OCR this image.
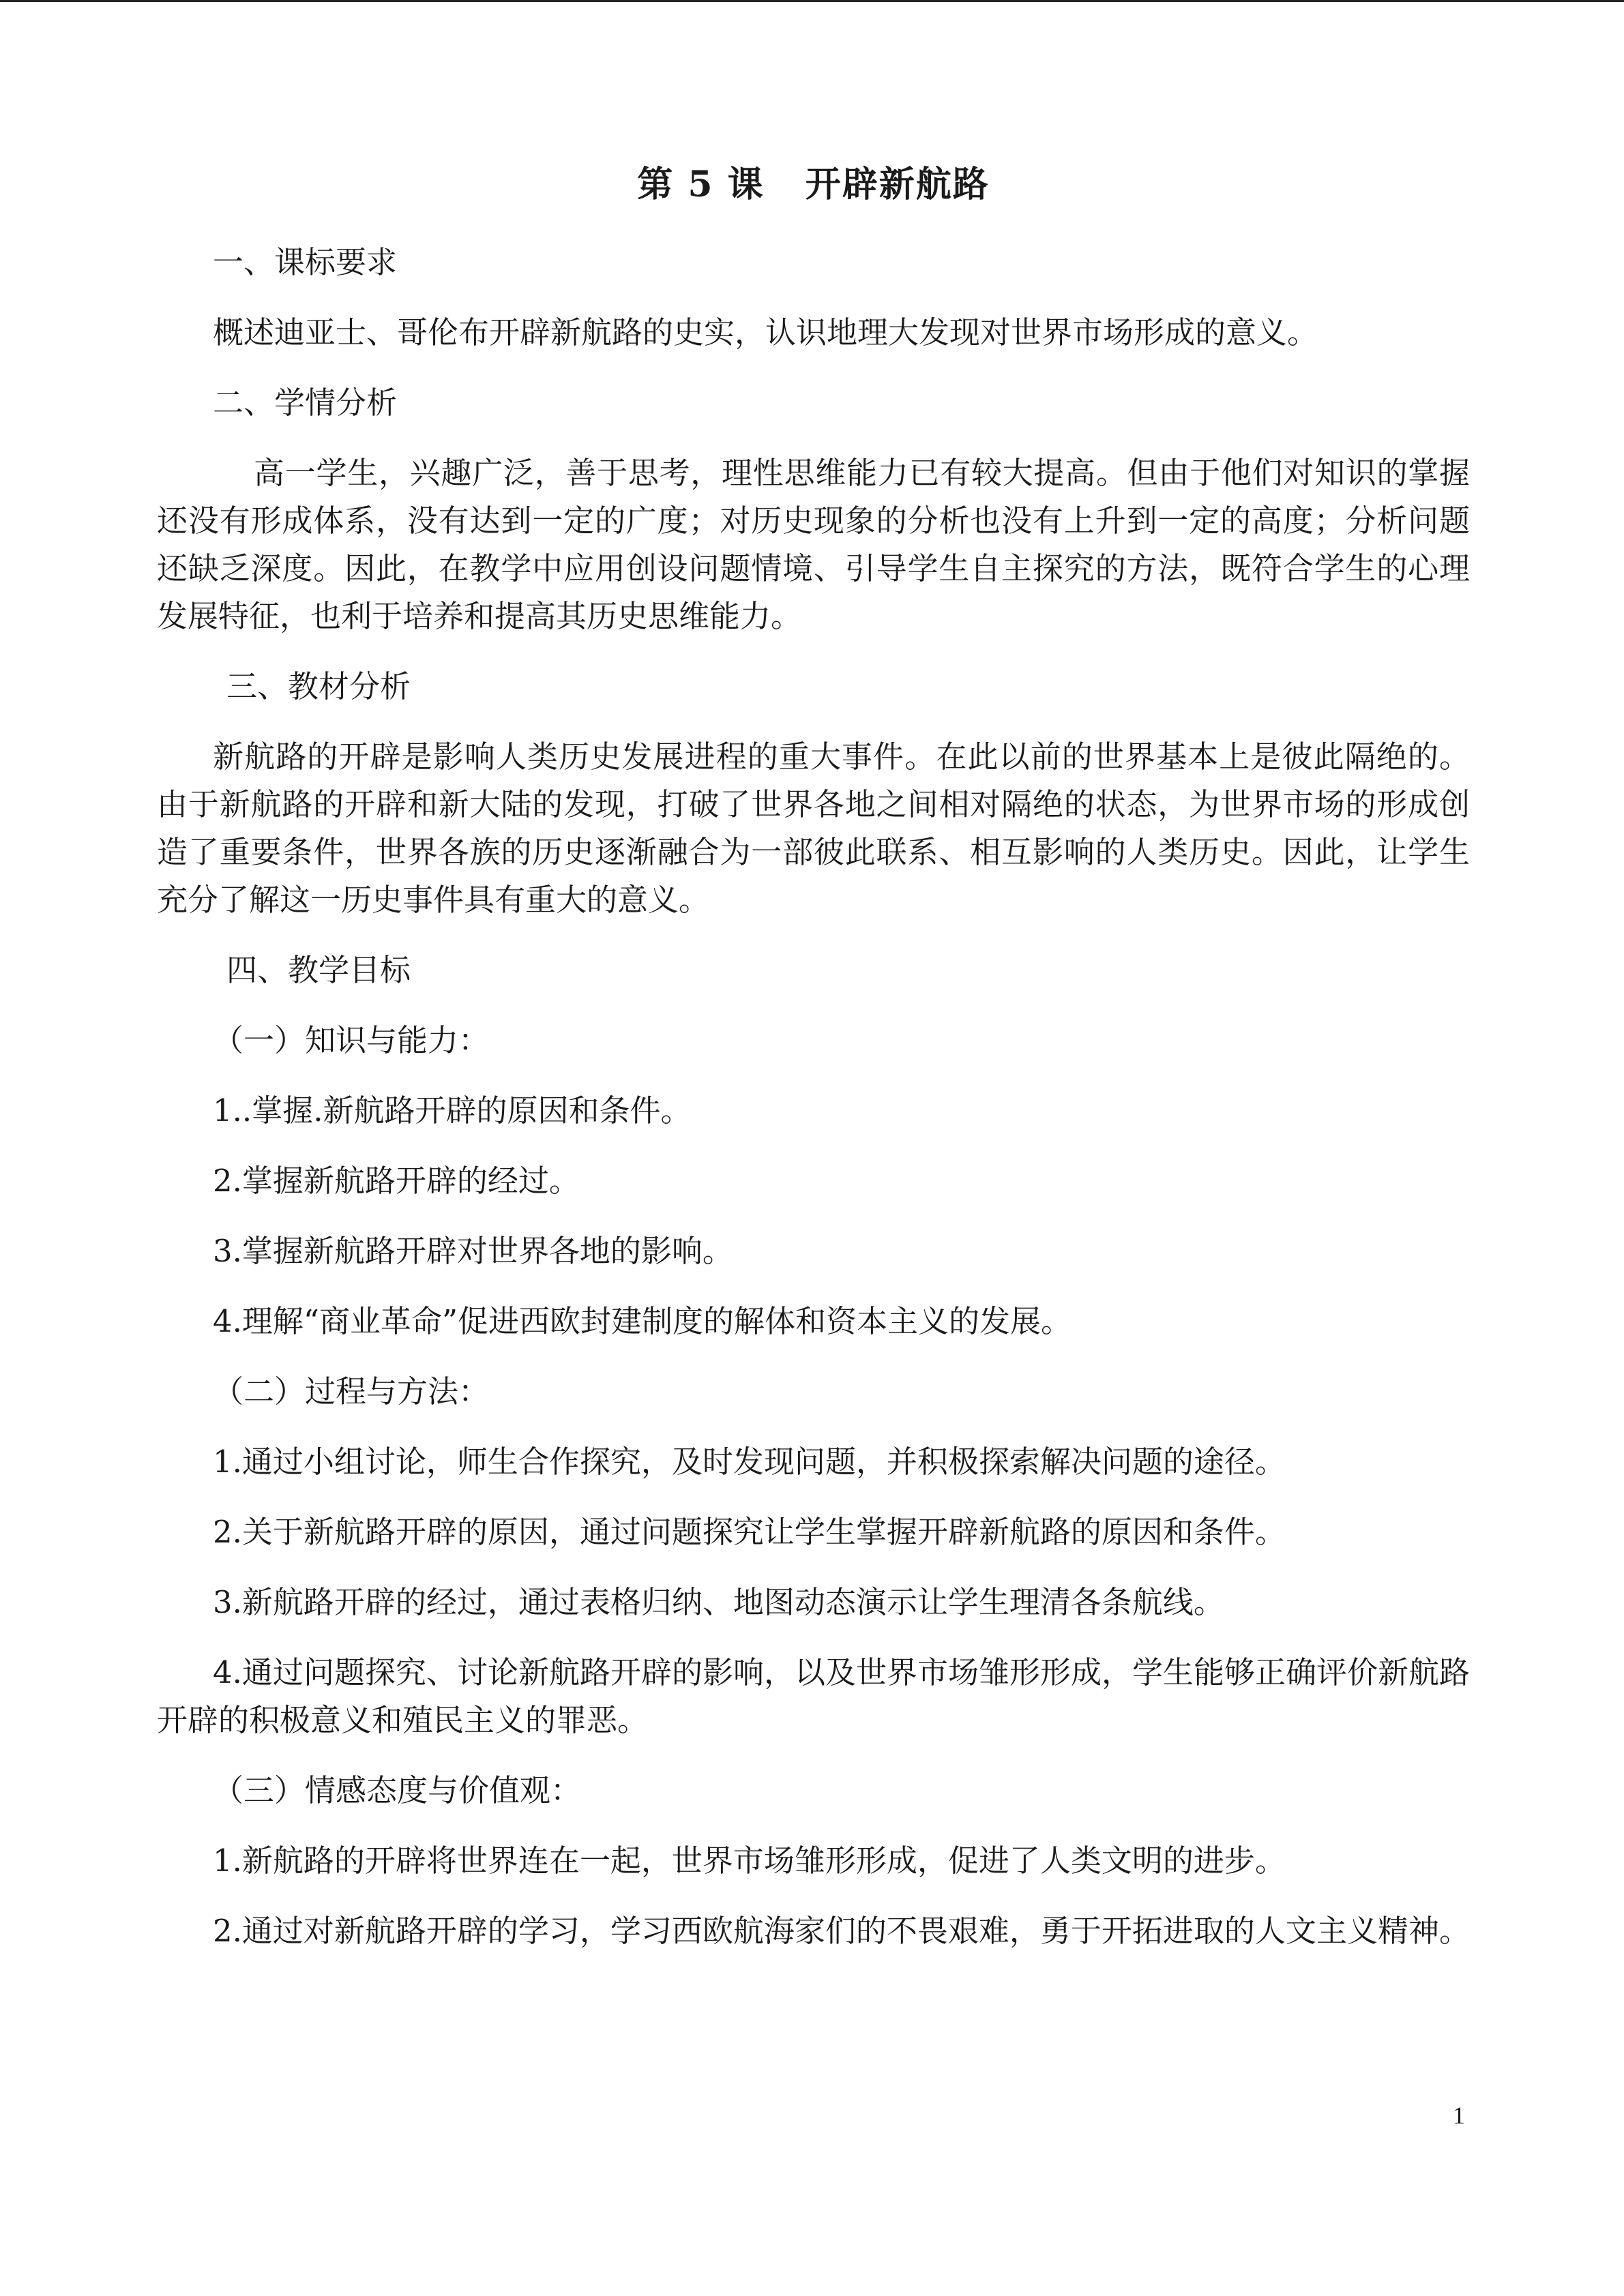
第 5 课 开辟新航路

一、课标要求

概述迪亚士、哥伦布开辟新航路的史实，认识地理大发现对世界市场形成的意义。

二、学情分析

高一学生，兴趣广泛，善于思考，理性思维能力已有较大提高。但由于他们对知识的掌握还没有形成体系，没有达到一定的广度；对历史现象的分析也没有上升到一定的高度；分析问题还缺乏深度。因此，在教学中应用创设问题情境、引导学生自主探究的方法，既符合学生的心理发展特征，也利于培养和提高其历史思维能力。

三、教材分析

新航路的开辟是影响人类历史发展进程的重大事件。在此以前的世界基本上是彼此隔绝的。由于新航路的开辟和新大陆的发现，打破了世界各地之间相对隔绝的状态，为世界市场的形成创造了重要条件，世界各族的历史逐渐融合为一部彼此联系、相互影响的人类历史。因此，让学生充分了解这一历史事件具有重大的意义。

四、教学目标

（一）知识与能力：

1..掌握.新航路开辟的原因和条件。

2.掌握新航路开辟的经过。

3.掌握新航路开辟对世界各地的影响。

4.理解“商业革命”促进西欧封建制度的解体和资本主义的发展。

（二）过程与方法：

1.通过小组讨论，师生合作探究，及时发现问题，并积极探索解决问题的途径。

2.关于新航路开辟的原因，通过问题探究让学生掌握开辟新航路的原因和条件。

3.新航路开辟的经过，通过表格归纳、地图动态演示让学生理清各条航线。

4.通过问题探究、讨论新航路开辟的影响，以及世界市场雏形形成，学生能够正确评价新航路开辟的积极意义和殖民主义的罪恶。

（三）情感态度与价值观：

1.新航路的开辟将世界连在一起，世界市场雏形形成，促进了人类文明的进步。

2.通过对新航路开辟的学习，学习西欧航海家们的不畏艰难，勇于开拓进取的人文主义精神。

1
